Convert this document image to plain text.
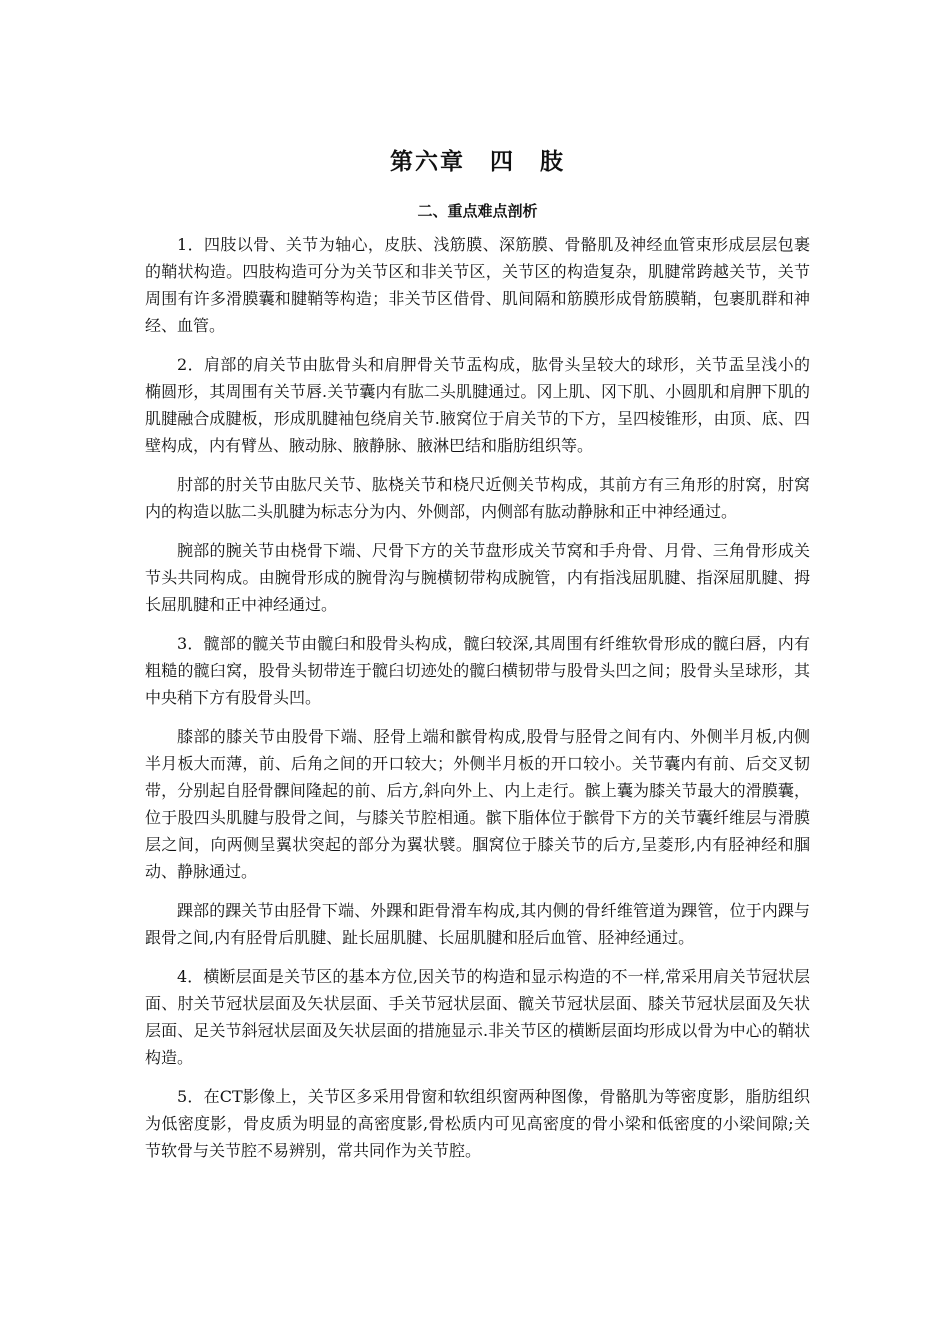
第六章　四　肢
二、重点难点剖析

1．四肢以骨、关节为轴心，皮肤、浅筋膜、深筋膜、骨骼肌及神经血管束形成层层包裹的鞘状构造。四肢构造可分为关节区和非关节区，关节区的构造复杂，肌腱常跨越关节，关节周围有许多滑膜囊和腱鞘等构造；非关节区借骨、肌间隔和筋膜形成骨筋膜鞘，包裹肌群和神经、血管。

2．肩部的肩关节由肱骨头和肩胛骨关节盂构成，肱骨头呈较大的球形，关节盂呈浅小的椭圆形，其周围有关节唇.关节囊内有肱二头肌腱通过。冈上肌、冈下肌、小圆肌和肩胛下肌的肌腱融合成腱板，形成肌腱袖包绕肩关节.腋窝位于肩关节的下方，呈四棱锥形，由顶、底、四壁构成，内有臂丛、腋动脉、腋静脉、腋淋巴结和脂肪组织等。

肘部的肘关节由肱尺关节、肱桡关节和桡尺近侧关节构成，其前方有三角形的肘窝，肘窝内的构造以肱二头肌腱为标志分为内、外侧部，内侧部有肱动静脉和正中神经通过。

腕部的腕关节由桡骨下端、尺骨下方的关节盘形成关节窝和手舟骨、月骨、三角骨形成关节头共同构成。由腕骨形成的腕骨沟与腕横韧带构成腕管，内有指浅屈肌腱、指深屈肌腱、拇长屈肌腱和正中神经通过。

3．髋部的髋关节由髋臼和股骨头构成，髋臼较深,其周围有纤维软骨形成的髋臼唇，内有粗糙的髋臼窝，股骨头韧带连于髋臼切迹处的髋臼横韧带与股骨头凹之间；股骨头呈球形，其中央稍下方有股骨头凹。

膝部的膝关节由股骨下端、胫骨上端和髌骨构成,股骨与胫骨之间有内、外侧半月板,内侧半月板大而薄，前、后角之间的开口较大；外侧半月板的开口较小。关节囊内有前、后交叉韧带，分别起自胫骨髁间隆起的前、后方,斜向外上、内上走行。髌上囊为膝关节最大的滑膜囊，位于股四头肌腱与股骨之间，与膝关节腔相通。髌下脂体位于髌骨下方的关节囊纤维层与滑膜层之间，向两侧呈翼状突起的部分为翼状襞。腘窝位于膝关节的后方,呈菱形,内有胫神经和腘动、静脉通过。

踝部的踝关节由胫骨下端、外踝和距骨滑车构成,其内侧的骨纤维管道为踝管，位于内踝与跟骨之间,内有胫骨后肌腱、趾长屈肌腱、长屈肌腱和胫后血管、胫神经通过。

4．横断层面是关节区的基本方位,因关节的构造和显示构造的不一样,常采用肩关节冠状层面、肘关节冠状层面及矢状层面、手关节冠状层面、髋关节冠状层面、膝关节冠状层面及矢状层面、足关节斜冠状层面及矢状层面的措施显示.非关节区的横断层面均形成以骨为中心的鞘状构造。

5．在CT影像上，关节区多采用骨窗和软组织窗两种图像，骨骼肌为等密度影，脂肪组织为低密度影，骨皮质为明显的高密度影,骨松质内可见高密度的骨小梁和低密度的小梁间隙;关节软骨与关节腔不易辨别，常共同作为关节腔。
